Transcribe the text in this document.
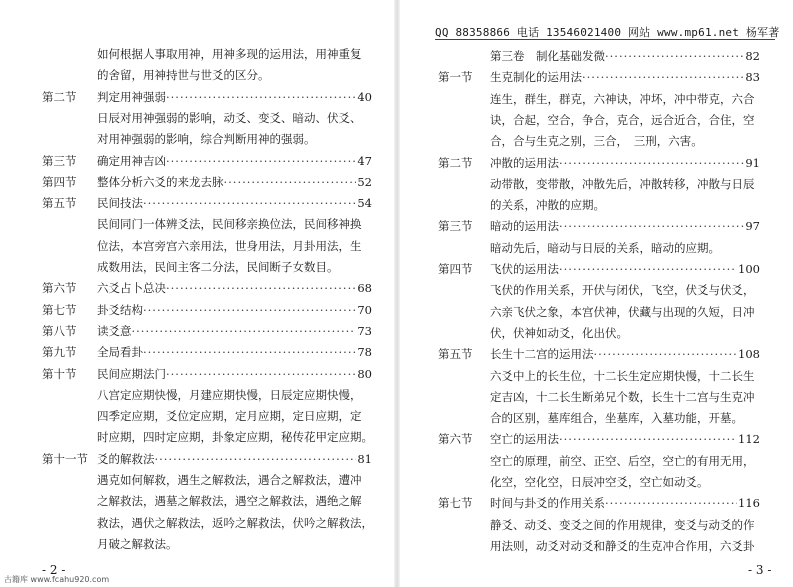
如何根据人事取用神，用神多现的运用法，用神重复
的舍留，用神持世与世爻的区分。
第二节 判定用神强弱 ·····	40
日辰对用神强弱的影响，动爻、变爻、暗动、伏爻、
对用神强弱的影响，综合判断用神的强弱。
第三节 确定用神吉凶 ·····	47
第四节 整体分析六爻的来龙去脉 ·····	52
第五节 民间技法 ·····	54
民间同门一体辨爻法，民间移亲换位法，民间移神换
位法，本宫旁宫六亲用法，世身用法，月卦用法，生
成数用法，民间主客二分法，民间断子女数目。
第六节 六爻占卜总决 ·····	68
第七节 卦爻结构 ·····	70
第八节 读爻意 ·····	73
第九节 全局看卦 ·····	78
第十节 民间应期法门 ·····	80
八宫定应期快慢，月建应期快慢，日辰定应期快慢，
四季定应期，爻位定应期，定月应期，定日应期，定
时应期，四时定应期，卦象定应期，秘传花甲定应期。
第十一节 爻的解救法 ·····	81
遇克如何解救，遇生之解救法，遇合之解救法，遭冲
之解救法，遇墓之解救法，遇空之解救法，遇绝之解
救法，遇伏之解救法，返吟之解救法，伏吟之解救法，
月破之解救法。
- 2 -
QQ 88358866 电话 13546021400 网站 www.mp61.net 杨军著
第三卷　制化基础发微 ·····	82
第一节 生克制化的运用法 ·····	83
连生，群生，群克，六神诀，冲坏，冲中带克，六合
诀，合起，空合，争合，克合，远合近合，合住，空
合，合与生克之别，三合，　三刑，六害。
第二节 冲散的运用法 ·····	91
动带散，变带散，冲散先后，冲散转移，冲散与日辰
的关系，冲散的应期。
第三节 暗动的运用法 ·····	97
暗动先后，暗动与日辰的关系，暗动的应期。
第四节 飞伏的运用法 ·····	100
飞伏的作用关系，开伏与闭伏，飞空，伏爻与伏爻，
六亲飞伏之象，本宫伏神，伏藏与出现的久短，日冲
伏，伏神如动爻，化出伏。
第五节 长生十二宫的运用法 ·····	108
六爻中上的长生位，十二长生定应期快慢，十二长生
定吉凶，十二长生断弟兄个数，长生十二宫与生克冲
合的区别，墓库组合，坐墓库，入墓功能，开墓。
第六节 空亡的运用法 ·····	112
空亡的原理，前空、正空、后空，空亡的有用无用，
化空，空化空，日辰冲空爻，空亡如动爻。
第七节 时间与卦爻的作用关系 ·····	116
静爻、动爻、变爻之间的作用规律，变爻与动爻的作
用法则，动爻对动爻和静爻的生克冲合作用，六爻卦
- 3 -
古籍库 www.fcahu920.com
